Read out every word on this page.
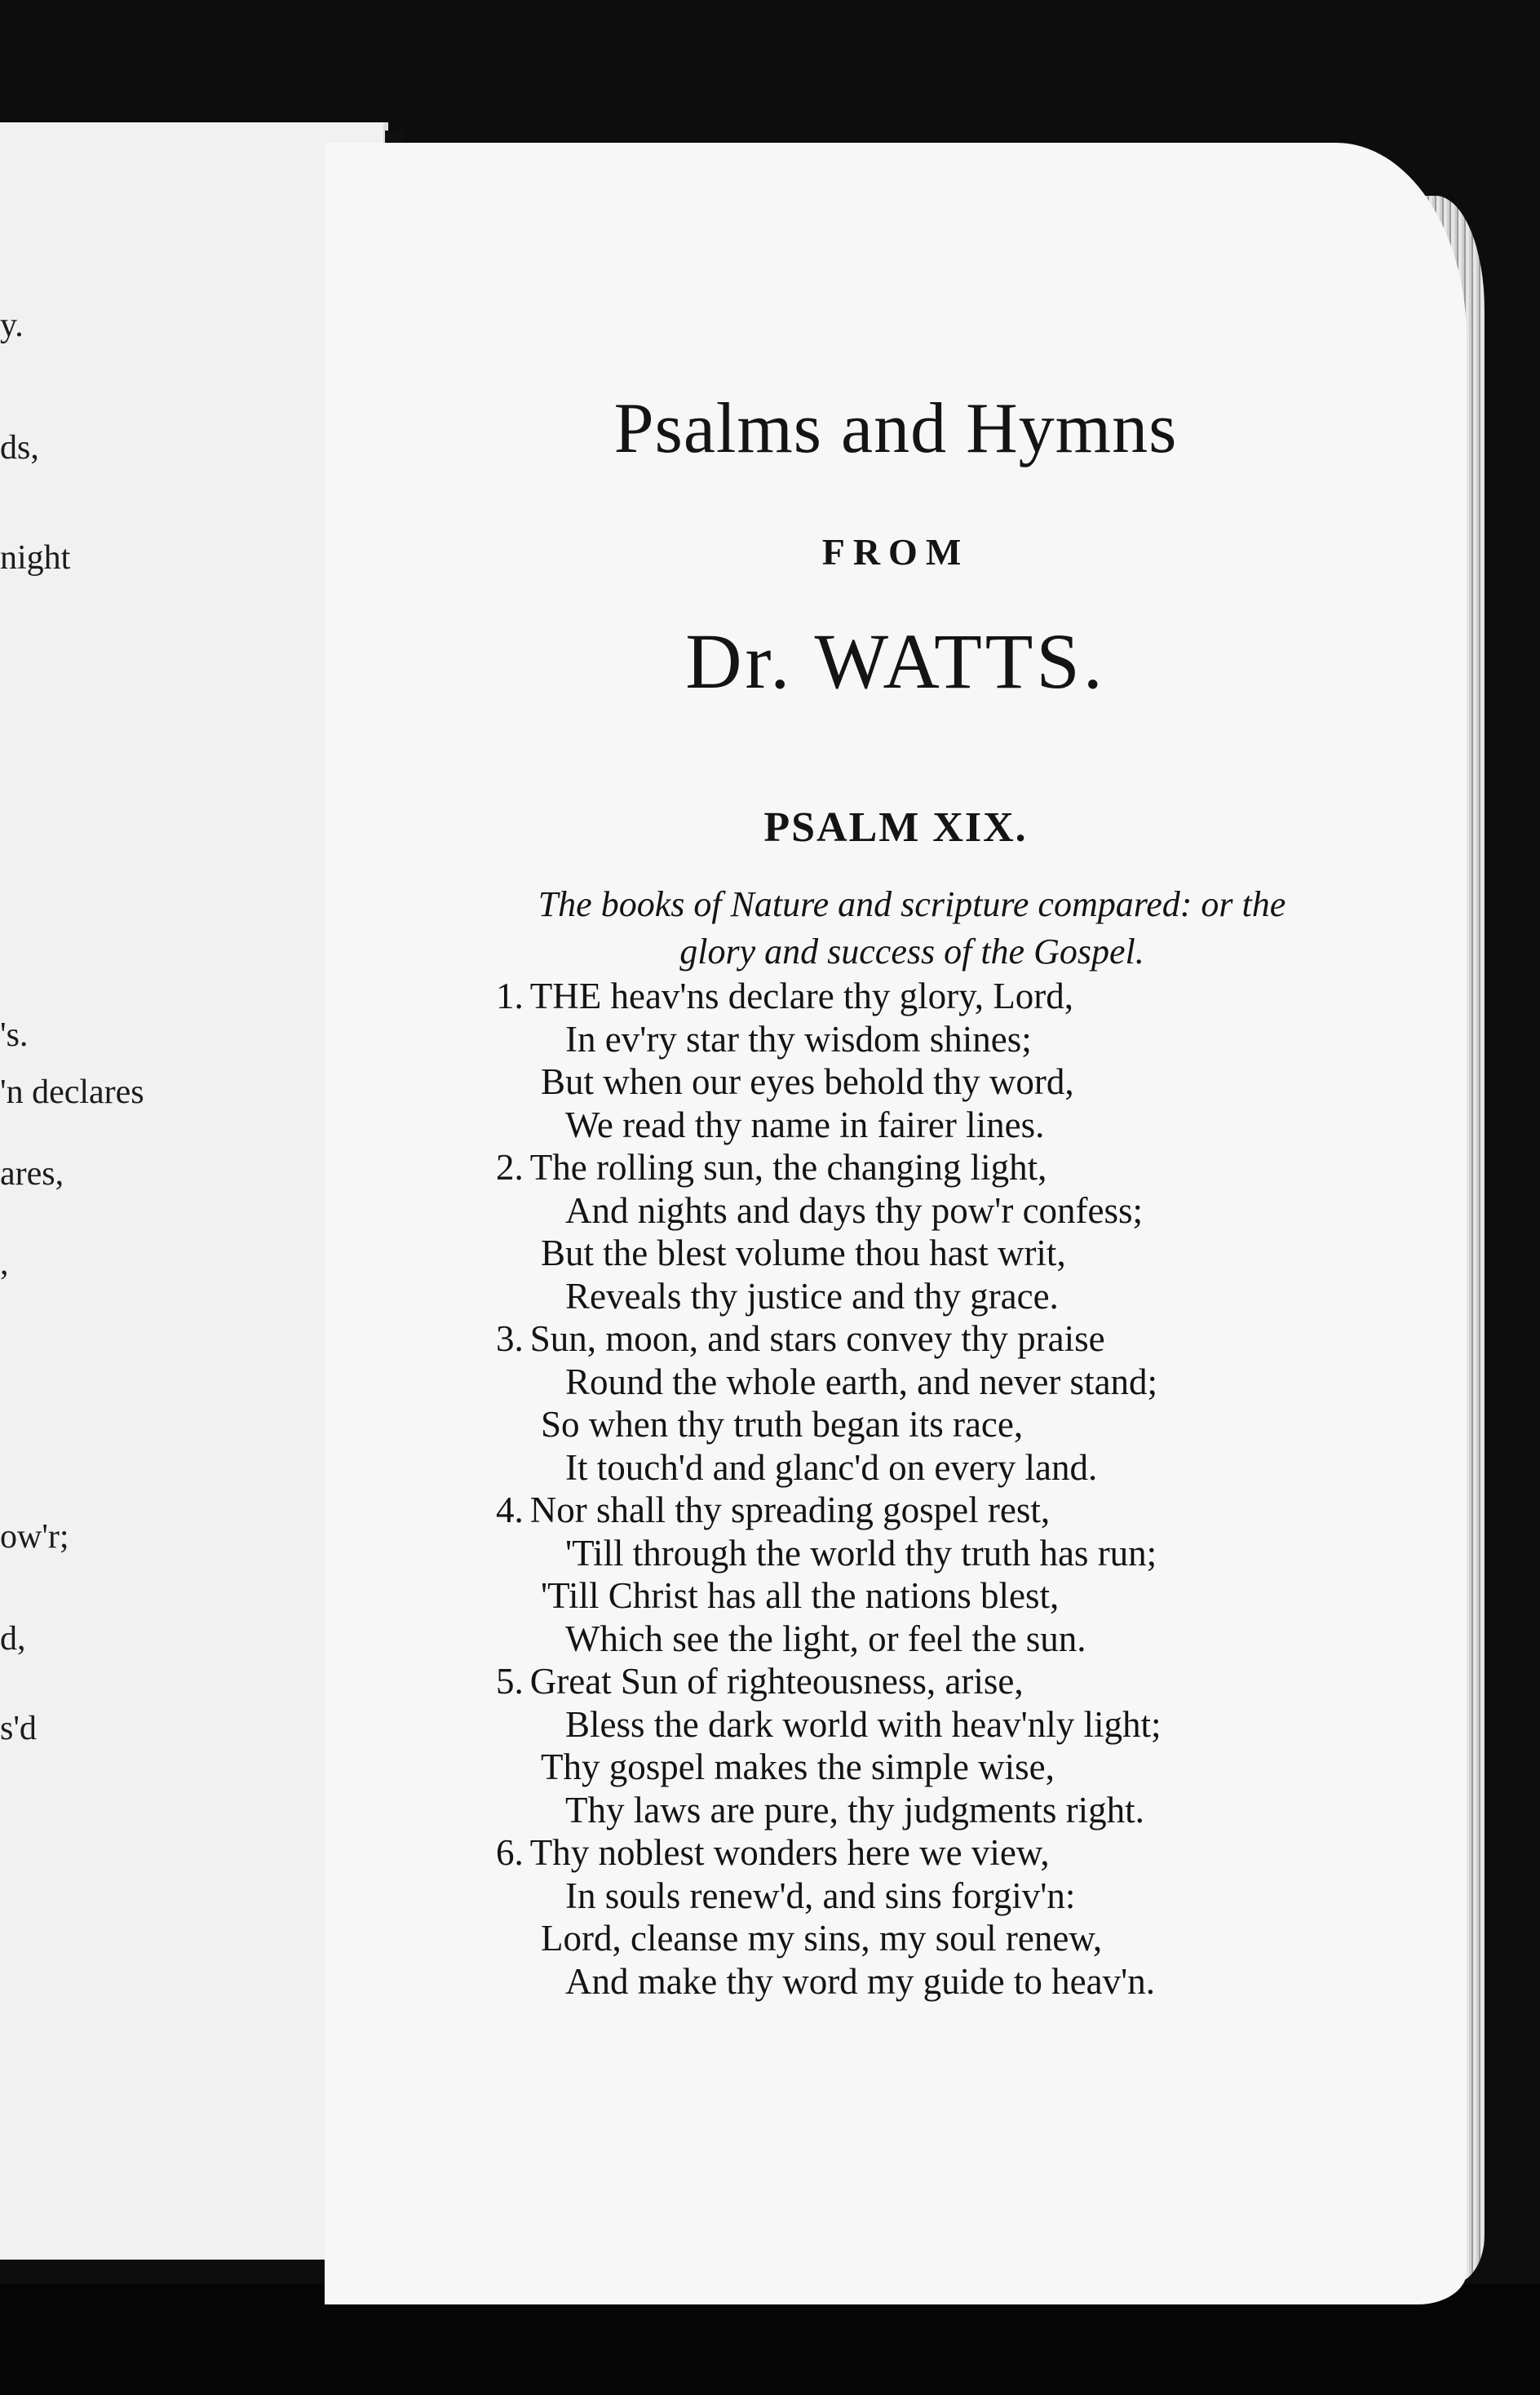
y.
ds,
night
's.
'n declares
ares,
,
ow'r;
d,
s'd
Psalms and Hymns
FROM
Dr. WATTS.
PSALM XIX.
The books of Nature and scripture compared: or the
glory and success of the Gospel.
1. THE heav'ns declare thy glory, Lord,
In ev'ry star thy wisdom shines;
But when our eyes behold thy word,
We read thy name in fairer lines.
2. The rolling sun, the changing light,
And nights and days thy pow'r confess;
But the blest volume thou hast writ,
Reveals thy justice and thy grace.
3. Sun, moon, and stars convey thy praise
Round the whole earth, and never stand;
So when thy truth began its race,
It touch'd and glanc'd on every land.
4. Nor shall thy spreading gospel rest,
'Till through the world thy truth has run;
'Till Christ has all the nations blest,
Which see the light, or feel the sun.
5. Great Sun of righteousness, arise,
Bless the dark world with heav'nly light;
Thy gospel makes the simple wise,
Thy laws are pure, thy judgments right.
6. Thy noblest wonders here we view,
In souls renew'd, and sins forgiv'n:
Lord, cleanse my sins, my soul renew,
And make thy word my guide to heav'n.
